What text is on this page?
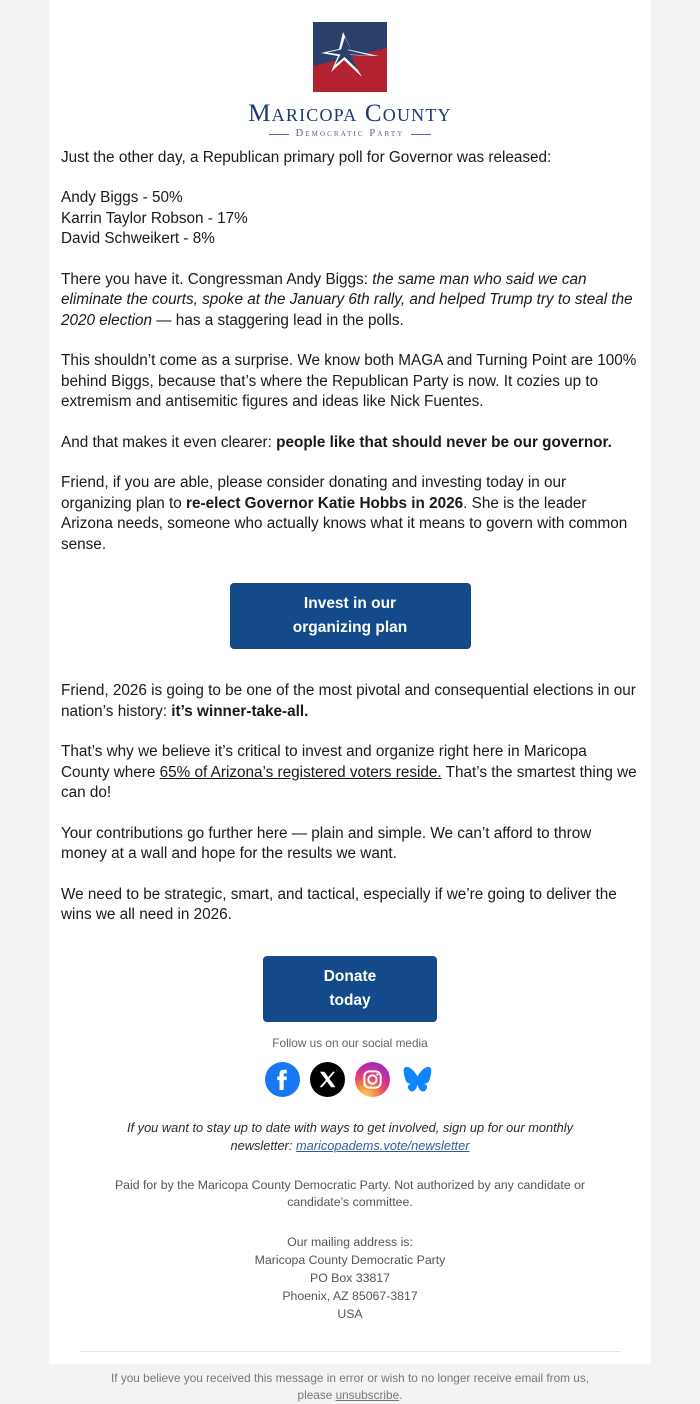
Maricopa County
Democratic Party

Just the other day, a Republican primary poll for Governor was released:

Andy Biggs - 50%
Karrin Taylor Robson - 17%
David Schweikert - 8%

There you have it. Congressman Andy Biggs: the same man who said we can eliminate the courts, spoke at the January 6th rally, and helped Trump try to steal the 2020 election — has a staggering lead in the polls.

This shouldn’t come as a surprise. We know both MAGA and Turning Point are 100% behind Biggs, because that’s where the Republican Party is now. It cozies up to extremism and antisemitic figures and ideas like Nick Fuentes.

And that makes it even clearer: people like that should never be our governor.

Friend, if you are able, please consider donating and investing today in our organizing plan to re-elect Governor Katie Hobbs in 2026. She is the leader Arizona needs, someone who actually knows what it means to govern with common sense.

Invest in our
organizing plan

Friend, 2026 is going to be one of the most pivotal and consequential elections in our nation’s history: it’s winner-take-all.

That’s why we believe it’s critical to invest and organize right here in Maricopa County where 65% of Arizona’s registered voters reside. That’s the smartest thing we can do!

Your contributions go further here — plain and simple. We can’t afford to throw money at a wall and hope for the results we want.

We need to be strategic, smart, and tactical, especially if we’re going to deliver the wins we all need in 2026.

Donate
today

Follow us on our social media

If you want to stay up to date with ways to get involved, sign up for our monthly newsletter: maricopadems.vote/newsletter

Paid for by the Maricopa County Democratic Party. Not authorized by any candidate or candidate’s committee.

Our mailing address is:
Maricopa County Democratic Party
PO Box 33817
Phoenix, AZ 85067-3817
USA

If you believe you received this message in error or wish to no longer receive email from us, please unsubscribe.
